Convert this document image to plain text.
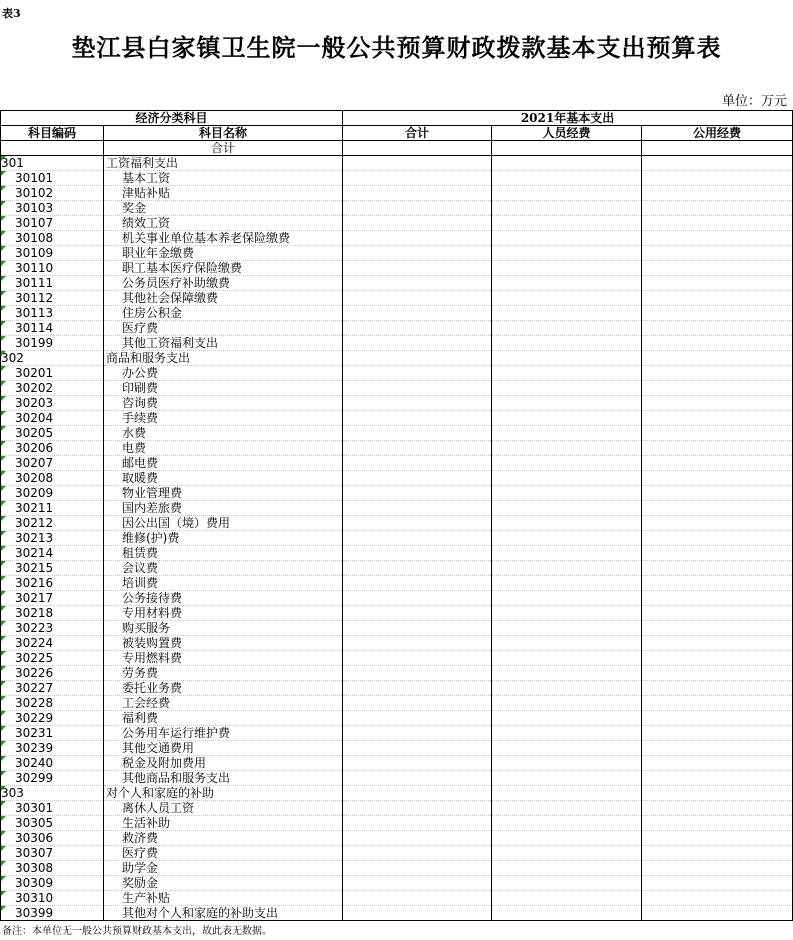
表3
垫江县白家镇卫生院一般公共预算财政拨款基本支出预算表
单位：万元
经济分类科目		2021年基本支出		
科目编码	科目名称	合计	人员经费	公用经费
	合计			
301	工资福利支出			
30101	基本工资			
30102	津贴补贴			
30103	奖金			
30107	绩效工资			
30108	机关事业单位基本养老保险缴费			
30109	职业年金缴费			
30110	职工基本医疗保险缴费			
30111	公务员医疗补助缴费			
30112	其他社会保障缴费			
30113	住房公积金			
30114	医疗费			
30199	其他工资福利支出			
302	商品和服务支出			
30201	办公费			
30202	印刷费			
30203	咨询费			
30204	手续费			
30205	水费			
30206	电费			
30207	邮电费			
30208	取暖费			
30209	物业管理费			
30211	国内差旅费			
30212	因公出国（境）费用			
30213	维修(护)费			
30214	租赁费			
30215	会议费			
30216	培训费			
30217	公务接待费			
30218	专用材料费			
30223	购买服务			
30224	被装购置费			
30225	专用燃料费			
30226	劳务费			
30227	委托业务费			
30228	工会经费			
30229	福利费			
30231	公务用车运行维护费			
30239	其他交通费用			
30240	税金及附加费用			
30299	其他商品和服务支出			
303	对个人和家庭的补助			
30301	离休人员工资			
30305	生活补助			
30306	救济费			
30307	医疗费			
30308	助学金			
30309	奖励金			
30310	生产补贴			
30399	其他对个人和家庭的补助支出			
备注：本单位无一般公共预算财政基本支出，故此表无数据。
